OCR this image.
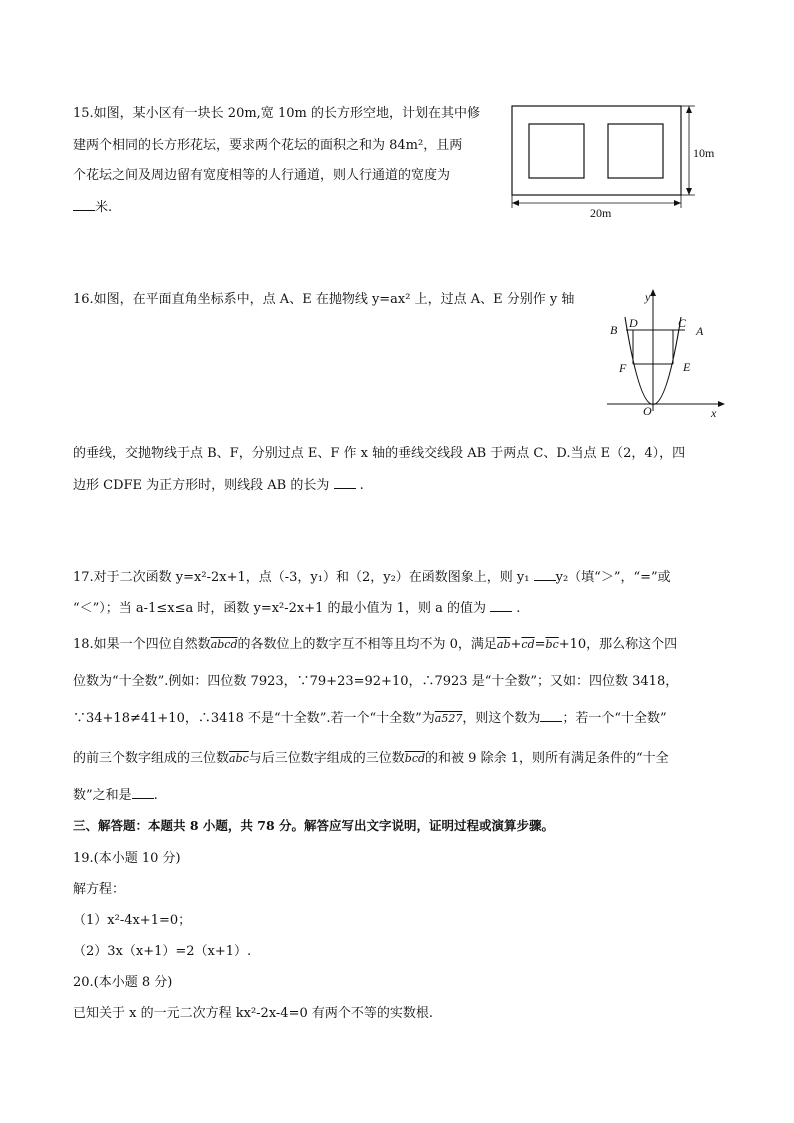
15.如图，某小区有一块长 20m,宽 10m 的长方形空地，计划在其中修
建两个相同的长方形花坛，要求两个花坛的面积之和为 84m²，且两
个花坛之间及周边留有宽度相等的人行通道，则人行通道的宽度为
米.
10m
20m
16.如图，在平面直角坐标系中，点 A、E 在抛物线 y=ax² 上，过点 A、E 分别作 y 轴	y
x
O
B D	C
A
F	E
的垂线，交抛物线于点 B、F，分别过点 E、F 作 x 轴的垂线交线段 AB 于两点 C、D.当点 E（2，4），四
边形 CDFE 为正方形时，则线段 AB 的长为  .
17.对于二次函数 y=x²-2x+1，点（-3，y₁）和（2，y₂）在函数图象上，则 y₁ y₂（填“＞”，“=”或
“＜”）；当 a-1≤x≤a 时，函数 y=x²-2x+1 的最小值为 1，则 a 的值为  .
18.如果一个四位自然数abcd的各数位上的数字互不相等且均不为 0，满足$\overline{ab}+\overline{cd}=\overline{bc}+10$，那么称这个四
位数为“十全数”.例如：四位数 7923，∵79+23=92+10，∴7923 是“十全数”；又如：四位数 3418，
∵34+18≠41+10，∴3418 不是“十全数”.若一个“十全数”为a527，则这个数为 ；若一个“十全数”
的前三个数字组成的三位数$\overline{abc}$与后三位数字组成的三位数$\overline{bcd}$的和被 9 除余 1，则所有满足条件的“十全
数”之和是 .
三、解答题：本题共 8 小题，共 78 分。解答应写出文字说明，证明过程或演算步骤。
19.(本小题 10 分)
解方程：
（1）x²-4x+1=0；
（2）3x（x+1）=2（x+1）.
20.(本小题 8 分)
已知关于 x 的一元二次方程 kx²-2x-4=0 有两个不等的实数根.
